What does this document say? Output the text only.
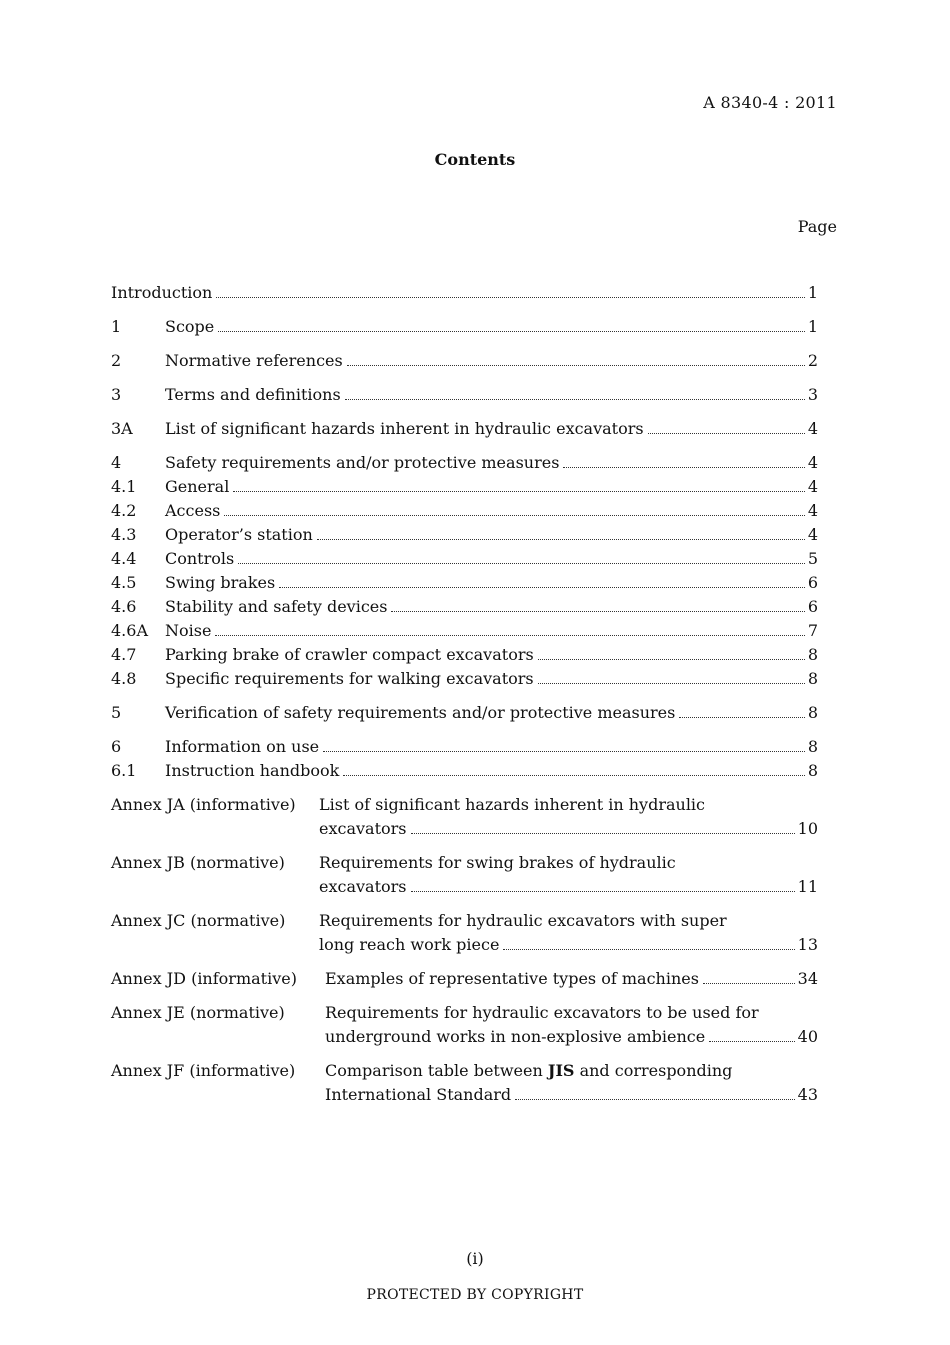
A 8340-4 : 2011
Contents
Page
Introduction	1
1	Scope	1
2	Normative references	2
3	Terms and definitions	3
3A	List of significant hazards inherent in hydraulic excavators	4
4	Safety requirements and/or protective measures	4
4.1	General	4
4.2	Access	4
4.3	Operator’s station	4
4.4	Controls	5
4.5	Swing brakes	6
4.6	Stability and safety devices	6
4.6A	Noise	7
4.7	Parking brake of crawler compact excavators	8
4.8	Specific requirements for walking excavators	8
5	Verification of safety requirements and/or protective measures	8
6	Information on use	8
6.1	Instruction handbook	8
Annex JA (informative)	List of significant hazards inherent in hydraulic
excavators	10
Annex JB (normative)	Requirements for swing brakes of hydraulic
excavators	11
Annex JC (normative)	Requirements for hydraulic excavators with super
long reach work piece	13
Annex JD (informative)	Examples of representative types of machines	34
Annex JE (normative)	Requirements for hydraulic excavators to be used for
underground works in non-explosive ambience	40
Annex JF (informative)	Comparison table between JIS and corresponding
International Standard	43
(i)
PROTECTED BY COPYRIGHT
